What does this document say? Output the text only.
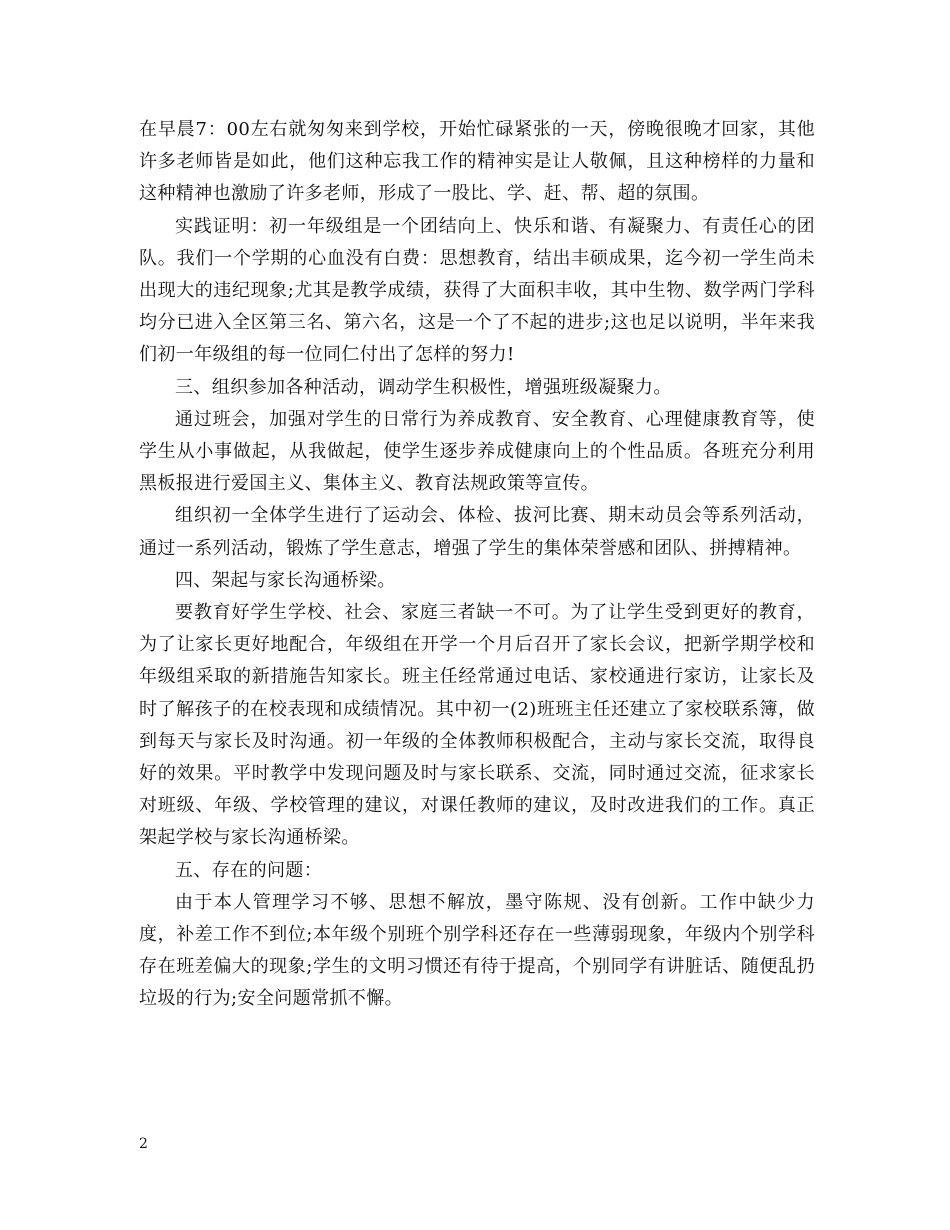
在早晨7：00左右就匆匆来到学校，开始忙碌紧张的一天，傍晚很晚才回家，其他许多老师皆是如此，他们这种忘我工作的精神实是让人敬佩，且这种榜样的力量和这种精神也激励了许多老师，形成了一股比、学、赶、帮、超的氛围。

实践证明：初一年级组是一个团结向上、快乐和谐、有凝聚力、有责任心的团队。我们一个学期的心血没有白费：思想教育，结出丰硕成果，迄今初一学生尚未出现大的违纪现象;尤其是教学成绩，获得了大面积丰收，其中生物、数学两门学科均分已进入全区第三名、第六名，这是一个了不起的进步;这也足以说明，半年来我们初一年级组的每一位同仁付出了怎样的努力!

三、组织参加各种活动，调动学生积极性，增强班级凝聚力。

通过班会，加强对学生的日常行为养成教育、安全教育、心理健康教育等，使学生从小事做起，从我做起，使学生逐步养成健康向上的个性品质。各班充分利用黑板报进行爱国主义、集体主义、教育法规政策等宣传。

组织初一全体学生进行了运动会、体检、拔河比赛、期末动员会等系列活动，通过一系列活动，锻炼了学生意志，增强了学生的集体荣誉感和团队、拼搏精神。

四、架起与家长沟通桥梁。

要教育好学生学校、社会、家庭三者缺一不可。为了让学生受到更好的教育，为了让家长更好地配合，年级组在开学一个月后召开了家长会议，把新学期学校和年级组采取的新措施告知家长。班主任经常通过电话、家校通进行家访，让家长及时了解孩子的在校表现和成绩情况。其中初一(2)班班主任还建立了家校联系簿，做到每天与家长及时沟通。初一年级的全体教师积极配合，主动与家长交流，取得良好的效果。平时教学中发现问题及时与家长联系、交流，同时通过交流，征求家长对班级、年级、学校管理的建议，对课任教师的建议，及时改进我们的工作。真正架起学校与家长沟通桥梁。

五、存在的问题：

由于本人管理学习不够、思想不解放，墨守陈规、没有创新。工作中缺少力度，补差工作不到位;本年级个别班个别学科还存在一些薄弱现象，年级内个别学科存在班差偏大的现象;学生的文明习惯还有待于提高，个别同学有讲脏话、随便乱扔垃圾的行为;安全问题常抓不懈。

2
